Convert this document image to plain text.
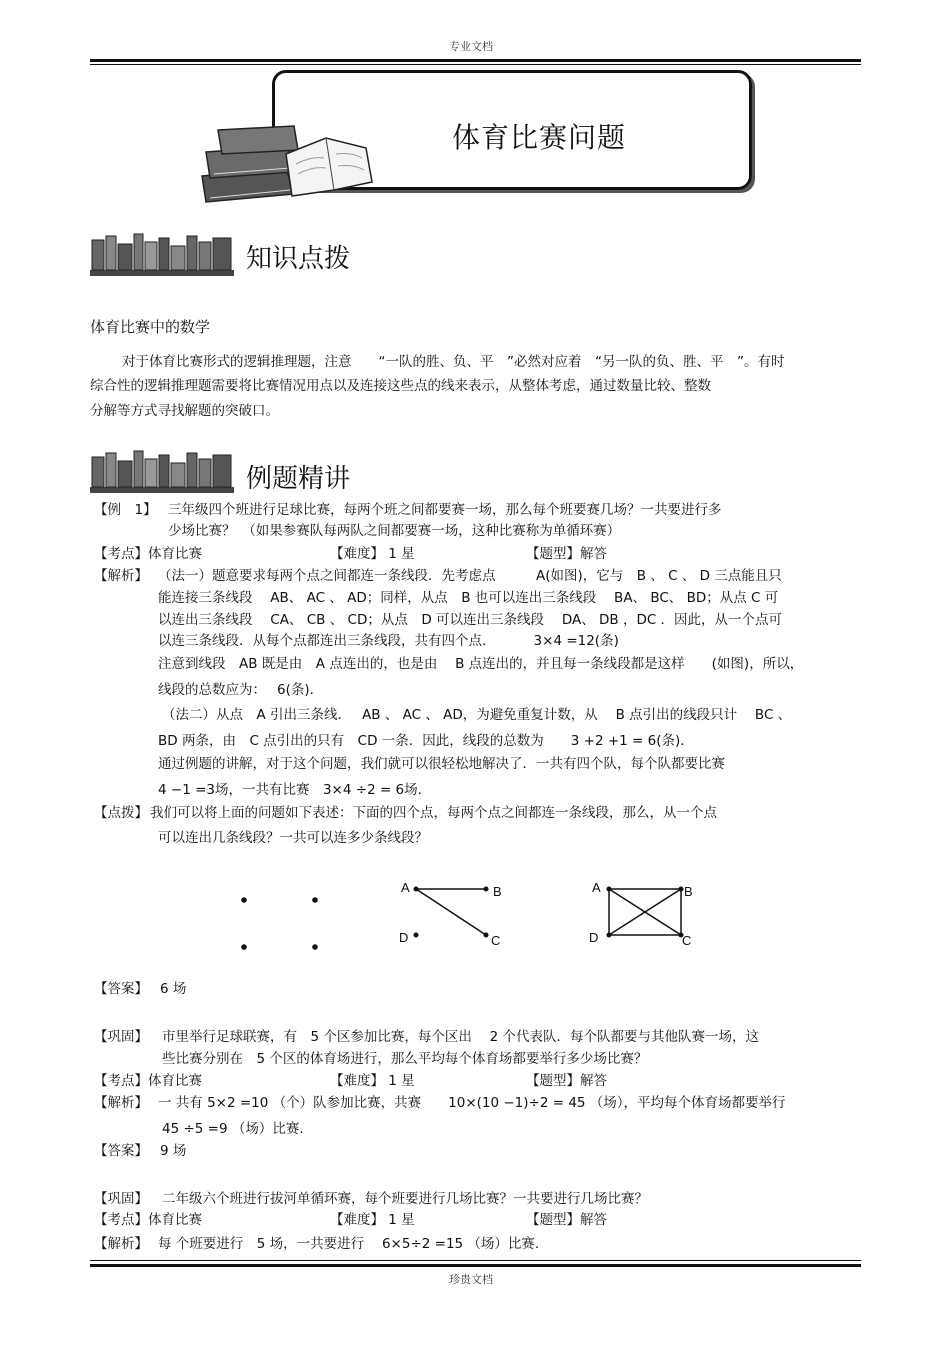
专业文档
体育比赛问题
知识点拨
体育比赛中的数学
对于体育比赛形式的逻辑推理题，注意　　“一队的胜、负、平　”必然对应着　“另一队的负、胜、平　”。有时
综合性的逻辑推理题需要将比赛情况用点以及连接这些点的线来表示，从整体考虑，通过数量比较、整数
分解等方式寻找解题的突破口。
例题精讲
【例　1】 三年级四个班进行足球比赛，每两个班之间都要赛一场，那么每个班要赛几场？一共要进行多
少场比赛？　（如果参赛队每两队之间都要赛一场，这种比赛称为单循环赛）
【考点】体育比赛	【难度】 1 星	【题型】解答
【解析】 （法一）题意要求每两个点之间都连一条线段．先考虑点　　　A(如图)，它与　B 、 C 、 D 三点能且只
能连接三条线段　 AB、 AC 、 AD；同样，从点　B 也可以连出三条线段　 BA、 BC、 BD；从点 C 可
以连出三条线段　 CA、 CB 、 CD；从点　D 可以连出三条线段　 DA、 DB ，DC ．因此，从一个点可
以连三条线段．从每个点都连出三条线段，共有四个点．　　　 3×4 =12(条)
注意到线段　AB 既是由　A 点连出的，也是由　 B 点连出的，并且每一条线段都是这样　　(如图)，所以，
线段的总数应为：　 6(条)．
（法二）从点　A 引出三条线．　 AB 、 AC 、 AD，为避免重复计数，从　 B 点引出的线段只计　 BC 、
BD 两条，由　C 点引出的只有　CD 一条．因此，线段的总数为　　3 +2 +1 = 6(条)．
通过例题的讲解，对于这个问题，我们就可以很轻松地解决了．一共有四个队，每个队都要比赛
4 −1 =3场，一共有比赛　3×4 ÷2 = 6场．
【点拨】 我们可以将上面的问题如下表述：下面的四个点，每两个点之间都连一条线段，那么，从一个点
可以连出几条线段？一共可以连多少条线段？
A	B
D	C
A	B
D	C
【答案】 6 场
【巩固】 市里举行足球联赛，有　5 个区参加比赛，每个区出　 2 个代表队．每个队都要与其他队赛一场，这
些比赛分别在　5 个区的体育场进行，那么平均每个体育场都要举行多少场比赛？
【考点】体育比赛	【难度】 1 星	【题型】解答
【解析】 一 共有 5×2 =10 （个）队参加比赛，共赛　　10×(10 −1)÷2 = 45 （场），平均每个体育场都要举行
45 ÷5 =9 （场）比赛.
【答案】 9 场
【巩固】 二年级六个班进行拔河单循环赛，每个班要进行几场比赛？一共要进行几场比赛？
【考点】体育比赛	【难度】 1 星	【题型】解答
【解析】 每 个班要进行　5 场，一共要进行　 6×5÷2 =15 （场）比赛.
珍贵文档
